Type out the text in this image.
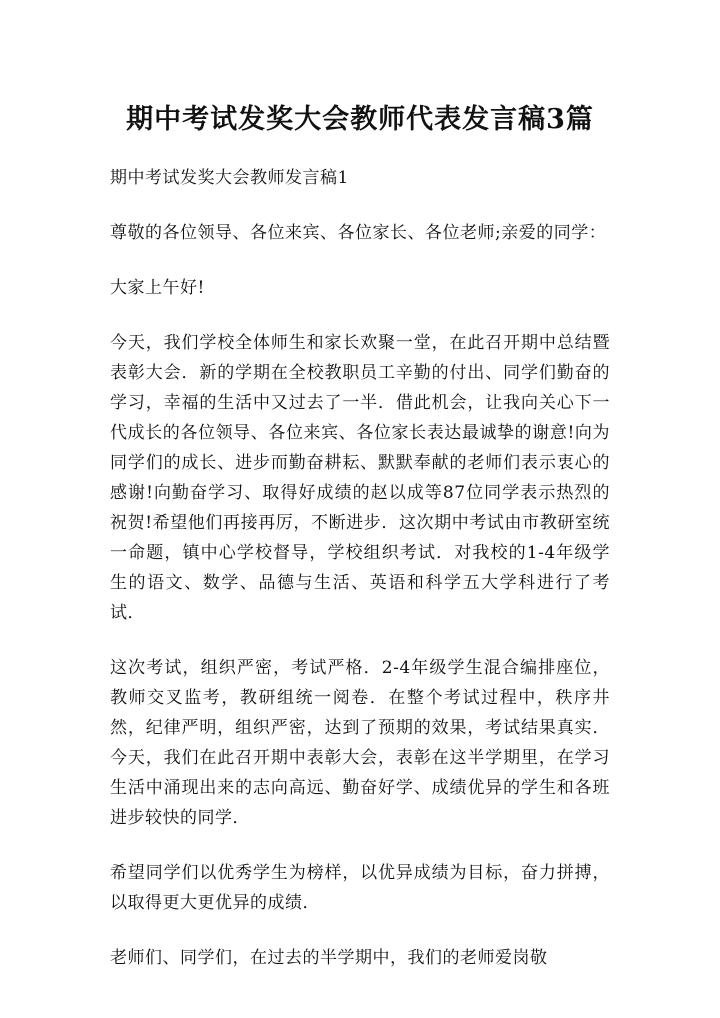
期中考试发奖大会教师代表发言稿3篇

期中考试发奖大会教师发言稿1

尊敬的各位领导、各位来宾、各位家长、各位老师;亲爱的同学：

大家上午好!

今天，我们学校全体师生和家长欢聚一堂，在此召开期中总结暨表彰大会．新的学期在全校教职员工辛勤的付出、同学们勤奋的学习，幸福的生活中又过去了一半．借此机会，让我向关心下一代成长的各位领导、各位来宾、各位家长表达最诚挚的谢意!向为同学们的成长、进步而勤奋耕耘、默默奉献的老师们表示衷心的感谢!向勤奋学习、取得好成绩的赵以成等87位同学表示热烈的祝贺!希望他们再接再厉，不断进步．这次期中考试由市教研室统一命题，镇中心学校督导，学校组织考试．对我校的1-4年级学生的语文、数学、品德与生活、英语和科学五大学科进行了考试．

这次考试，组织严密，考试严格．2-4年级学生混合编排座位，教师交叉监考，教研组统一阅卷．在整个考试过程中，秩序井然，纪律严明，组织严密，达到了预期的效果，考试结果真实．今天，我们在此召开期中表彰大会，表彰在这半学期里，在学习生活中涌现出来的志向高远、勤奋好学、成绩优异的学生和各班进步较快的同学．

希望同学们以优秀学生为榜样，以优异成绩为目标，奋力拼搏，以取得更大更优异的成绩．

老师们、同学们，在过去的半学期中，我们的老师爱岗敬
